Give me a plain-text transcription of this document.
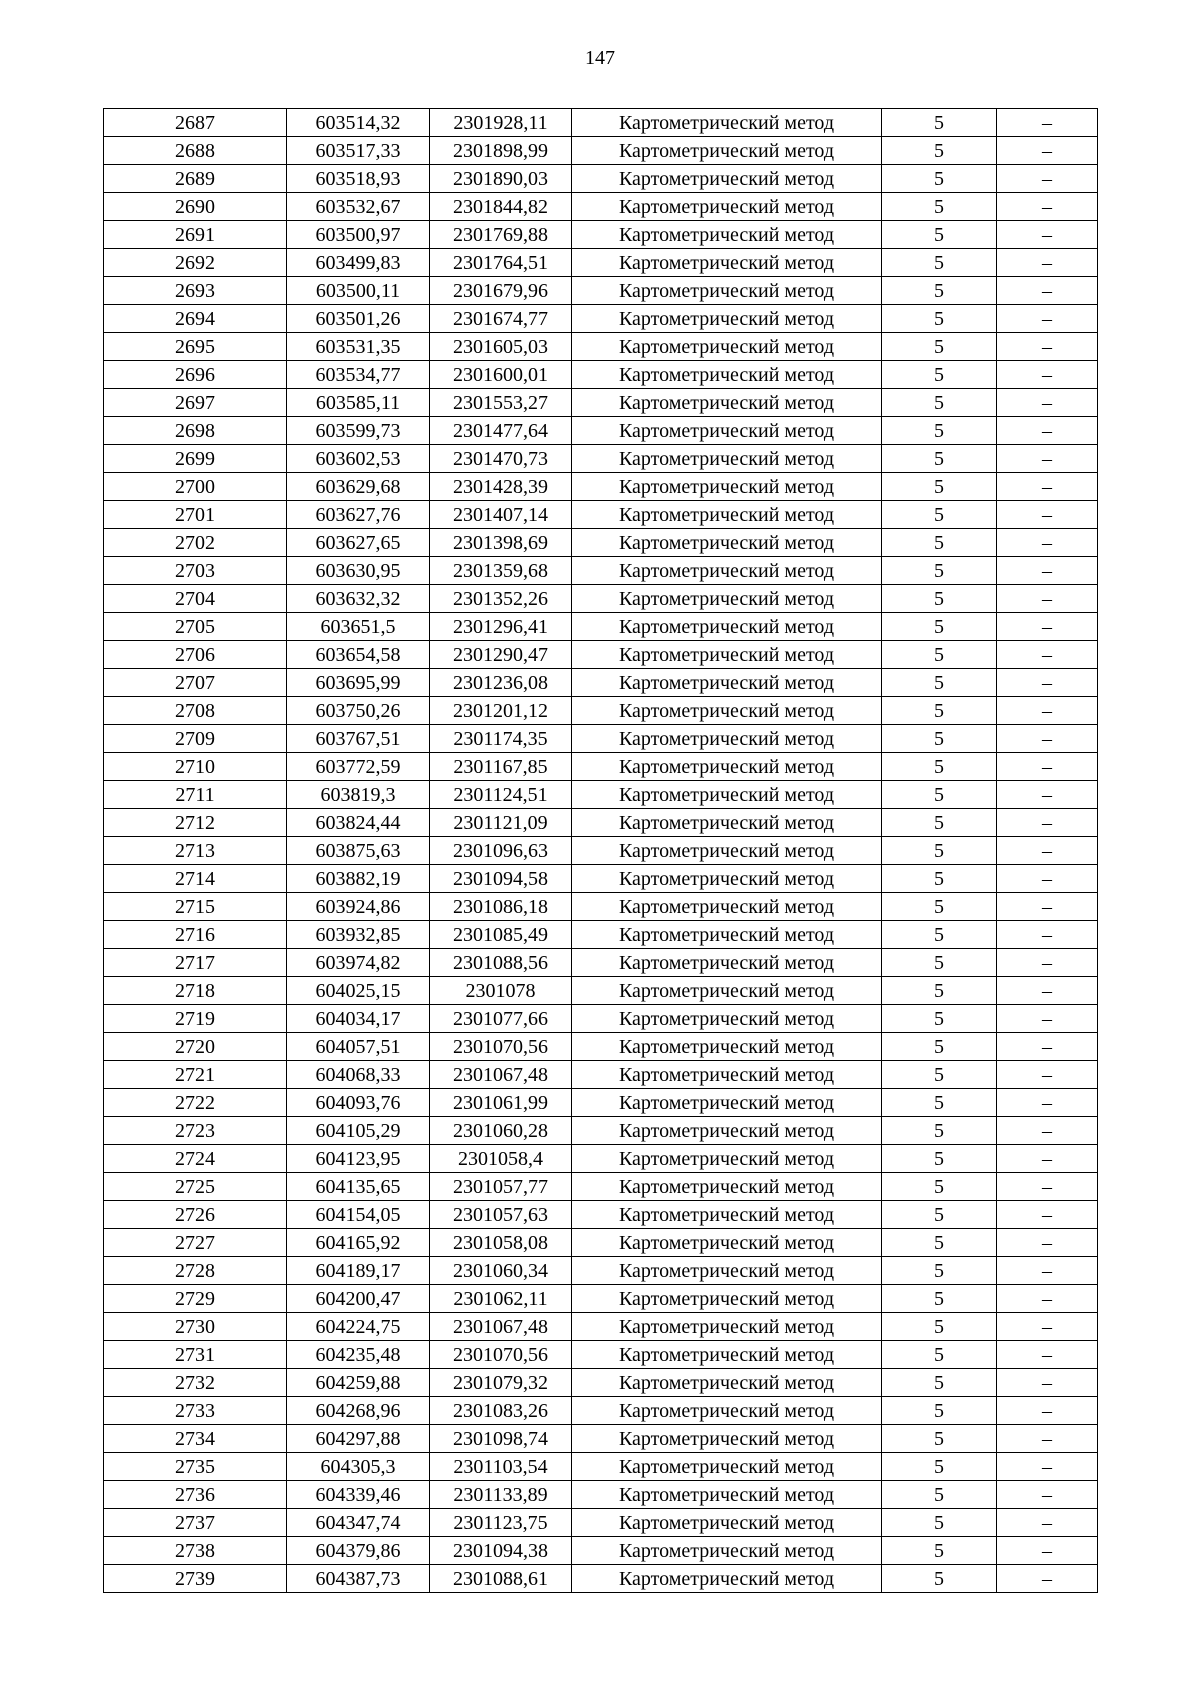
147
2687	603514,32	2301928,11	Картометрический метод	5	–
2688	603517,33	2301898,99	Картометрический метод	5	–
2689	603518,93	2301890,03	Картометрический метод	5	–
2690	603532,67	2301844,82	Картометрический метод	5	–
2691	603500,97	2301769,88	Картометрический метод	5	–
2692	603499,83	2301764,51	Картометрический метод	5	–
2693	603500,11	2301679,96	Картометрический метод	5	–
2694	603501,26	2301674,77	Картометрический метод	5	–
2695	603531,35	2301605,03	Картометрический метод	5	–
2696	603534,77	2301600,01	Картометрический метод	5	–
2697	603585,11	2301553,27	Картометрический метод	5	–
2698	603599,73	2301477,64	Картометрический метод	5	–
2699	603602,53	2301470,73	Картометрический метод	5	–
2700	603629,68	2301428,39	Картометрический метод	5	–
2701	603627,76	2301407,14	Картометрический метод	5	–
2702	603627,65	2301398,69	Картометрический метод	5	–
2703	603630,95	2301359,68	Картометрический метод	5	–
2704	603632,32	2301352,26	Картометрический метод	5	–
2705	603651,5	2301296,41	Картометрический метод	5	–
2706	603654,58	2301290,47	Картометрический метод	5	–
2707	603695,99	2301236,08	Картометрический метод	5	–
2708	603750,26	2301201,12	Картометрический метод	5	–
2709	603767,51	2301174,35	Картометрический метод	5	–
2710	603772,59	2301167,85	Картометрический метод	5	–
2711	603819,3	2301124,51	Картометрический метод	5	–
2712	603824,44	2301121,09	Картометрический метод	5	–
2713	603875,63	2301096,63	Картометрический метод	5	–
2714	603882,19	2301094,58	Картометрический метод	5	–
2715	603924,86	2301086,18	Картометрический метод	5	–
2716	603932,85	2301085,49	Картометрический метод	5	–
2717	603974,82	2301088,56	Картометрический метод	5	–
2718	604025,15	2301078	Картометрический метод	5	–
2719	604034,17	2301077,66	Картометрический метод	5	–
2720	604057,51	2301070,56	Картометрический метод	5	–
2721	604068,33	2301067,48	Картометрический метод	5	–
2722	604093,76	2301061,99	Картометрический метод	5	–
2723	604105,29	2301060,28	Картометрический метод	5	–
2724	604123,95	2301058,4	Картометрический метод	5	–
2725	604135,65	2301057,77	Картометрический метод	5	–
2726	604154,05	2301057,63	Картометрический метод	5	–
2727	604165,92	2301058,08	Картометрический метод	5	–
2728	604189,17	2301060,34	Картометрический метод	5	–
2729	604200,47	2301062,11	Картометрический метод	5	–
2730	604224,75	2301067,48	Картометрический метод	5	–
2731	604235,48	2301070,56	Картометрический метод	5	–
2732	604259,88	2301079,32	Картометрический метод	5	–
2733	604268,96	2301083,26	Картометрический метод	5	–
2734	604297,88	2301098,74	Картометрический метод	5	–
2735	604305,3	2301103,54	Картометрический метод	5	–
2736	604339,46	2301133,89	Картометрический метод	5	–
2737	604347,74	2301123,75	Картометрический метод	5	–
2738	604379,86	2301094,38	Картометрический метод	5	–
2739	604387,73	2301088,61	Картометрический метод	5	–
